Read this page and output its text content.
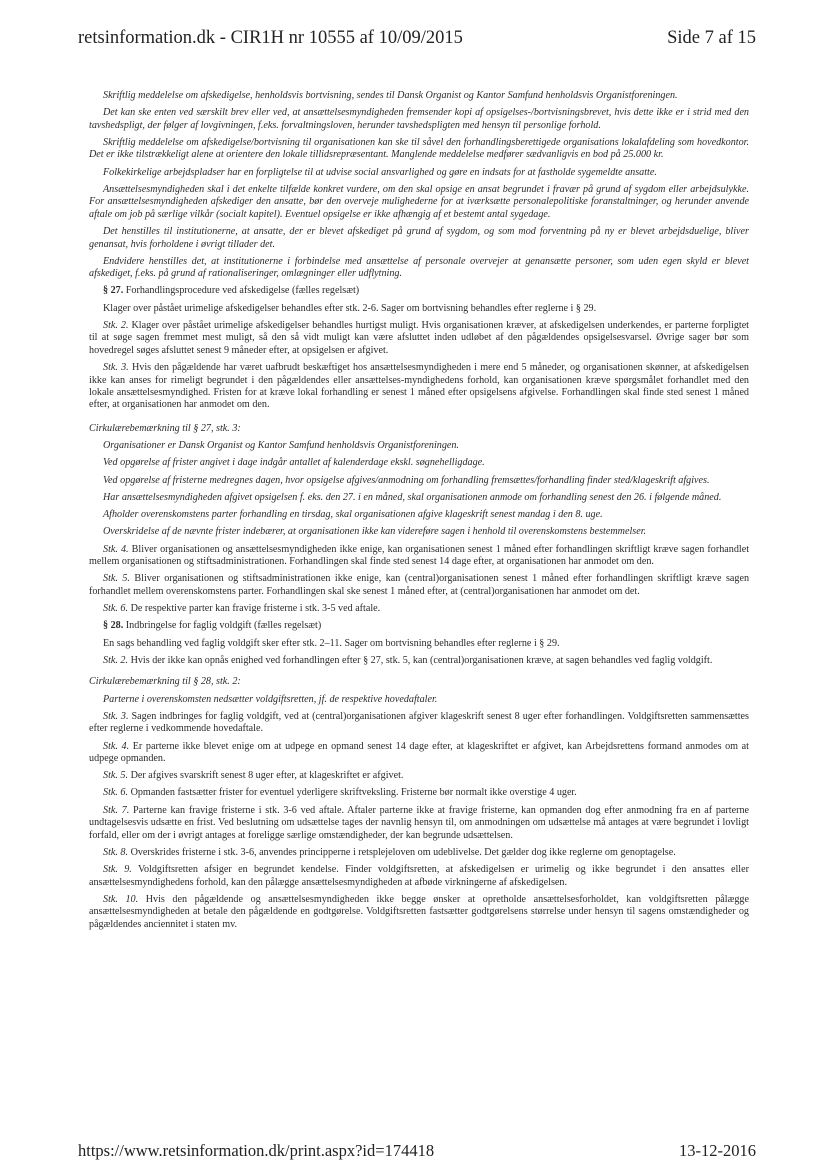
retsinformation.dk - CIR1H nr 10555 af 10/09/2015	Side 7 af 15

Skriftlig meddelelse om afskedigelse, henholdsvis bortvisning, sendes til Dansk Organist og Kantor Samfund henholdsvis Organistforeningen.

Det kan ske enten ved særskilt brev eller ved, at ansættelsesmyndigheden fremsender kopi af opsigelses-/bortvisningsbrevet, hvis dette ikke er i strid med den tavshedspligt, der følger af lovgivningen, f.eks. forvaltningsloven, herunder tavshedspligten med hensyn til personlige forhold.

Skriftlig meddelelse om afskedigelse/bortvisning til organisationen kan ske til såvel den forhandlingsberettigede organisations lokalafdeling som hovedkontor. Det er ikke tilstrækkeligt alene at orientere den lokale tillidsrepræsentant. Manglende meddelelse medfører sædvanligvis en bod på 25.000 kr.

Folkekirkelige arbejdspladser har en forpligtelse til at udvise social ansvarlighed og gøre en indsats for at fastholde sygemeldte ansatte.

Ansættelsesmyndigheden skal i det enkelte tilfælde konkret vurdere, om den skal opsige en ansat begrundet i fravær på grund af sygdom eller arbejdsulykke. For ansættelsesmyndigheden afskediger den ansatte, bør den overveje mulighederne for at iværksætte personalepolitiske foranstaltninger, og herunder anvende aftale om job på særlige vilkår (socialt kapitel). Eventuel opsigelse er ikke afhængig af et bestemt antal sygedage.

Det henstilles til institutionerne, at ansatte, der er blevet afskediget på grund af sygdom, og som mod forventning på ny er blevet arbejdsduelige, bliver genansat, hvis forholdene i øvrigt tillader det.

Endvidere henstilles det, at institutionerne i forbindelse med ansættelse af personale overvejer at genansætte personer, som uden egen skyld er blevet afskediget, f.eks. på grund af rationaliseringer, omlægninger eller udflytning.

§ 27. Forhandlingsprocedure ved afskedigelse (fælles regelsæt)

Klager over påstået urimelige afskedigelser behandles efter stk. 2-6. Sager om bortvisning behandles efter reglerne i § 29.

Stk. 2. Klager over påstået urimelige afskedigelser behandles hurtigst muligt. Hvis organisationen kræver, at afskedigelsen underkendes, er parterne forpligtet til at søge sagen fremmet mest muligt, så den så vidt muligt kan være afsluttet inden udløbet af den pågældendes opsigelsesvarsel. Øvrige sager bør som hovedregel søges afsluttet senest 9 måneder efter, at opsigelsen er afgivet.

Stk. 3. Hvis den pågældende har været uafbrudt beskæftiget hos ansættelsesmyndigheden i mere end 5 måneder, og organisationen skønner, at afskedigelsen ikke kan anses for rimeligt begrundet i den pågældendes eller ansættelses-myndighedens forhold, kan organisationen kræve spørgsmålet forhandlet med den lokale ansættelsesmyndighed. Fristen for at kræve lokal forhandling er senest 1 måned efter opsigelsens afgivelse. Forhandlingen skal finde sted senest 1 måned efter, at organisationen har anmodet om den.

Cirkulærebemærkning til § 27, stk. 3:

Organisationer er Dansk Organist og Kantor Samfund henholdsvis Organistforeningen.

Ved opgørelse af frister angivet i dage indgår antallet af kalenderdage ekskl. søgnehelligdage.

Ved opgørelse af fristerne medregnes dagen, hvor opsigelse afgives/anmodning om forhandling fremsættes/forhandling finder sted/klageskrift afgives.

Har ansættelsesmyndigheden afgivet opsigelsen f. eks. den 27. i en måned, skal organisationen anmode om forhandling senest den 26. i følgende måned.

Afholder overenskomstens parter forhandling en tirsdag, skal organisationen afgive klageskrift senest mandag i den 8. uge.

Overskridelse af de nævnte frister indebærer, at organisationen ikke kan videreføre sagen i henhold til overenskomstens bestemmelser.

Stk. 4. Bliver organisationen og ansættelsesmyndigheden ikke enige, kan organisationen senest 1 måned efter forhandlingen skriftligt kræve sagen forhandlet mellem organisationen og stiftsadministrationen. Forhandlingen skal finde sted senest 14 dage efter, at organisationen har anmodet om den.

Stk. 5. Bliver organisationen og stiftsadministrationen ikke enige, kan (central)organisationen senest 1 måned efter forhandlingen skriftligt kræve sagen forhandlet mellem overenskomstens parter. Forhandlingen skal ske senest 1 måned efter, at (central)organisationen har anmodet om det.

Stk. 6. De respektive parter kan fravige fristerne i stk. 3-5 ved aftale.

§ 28. Indbringelse for faglig voldgift (fælles regelsæt)

En sags behandling ved faglig voldgift sker efter stk. 2–11. Sager om bortvisning behandles efter reglerne i § 29.

Stk. 2. Hvis der ikke kan opnås enighed ved forhandlingen efter § 27, stk. 5, kan (central)organisationen kræve, at sagen behandles ved faglig voldgift.

Cirkulærebemærkning til § 28, stk. 2:

Parterne i overenskomsten nedsætter voldgiftsretten, jf. de respektive hovedaftaler.

Stk. 3. Sagen indbringes for faglig voldgift, ved at (central)organisationen afgiver klageskrift senest 8 uger efter forhandlingen. Voldgiftsretten sammensættes efter reglerne i vedkommende hovedaftale.

Stk. 4. Er parterne ikke blevet enige om at udpege en opmand senest 14 dage efter, at klageskriftet er afgivet, kan Arbejdsrettens formand anmodes om at udpege opmanden.

Stk. 5. Der afgives svarskrift senest 8 uger efter, at klageskriftet er afgivet.

Stk. 6. Opmanden fastsætter frister for eventuel yderligere skriftveksling. Fristerne bør normalt ikke overstige 4 uger.

Stk. 7. Parterne kan fravige fristerne i stk. 3-6 ved aftale. Aftaler parterne ikke at fravige fristerne, kan opmanden dog efter anmodning fra en af parterne undtagelsesvis udsætte en frist. Ved beslutning om udsættelse tages der navnlig hensyn til, om anmodningen om udsættelse må antages at være begrundet i lovligt forfald, eller om der i øvrigt antages at foreligge særlige omstændigheder, der kan begrunde udsættelsen.

Stk. 8. Overskrides fristerne i stk. 3-6, anvendes principperne i retsplejeloven om udeblivelse. Det gælder dog ikke reglerne om genoptagelse.

Stk. 9. Voldgiftsretten afsiger en begrundet kendelse. Finder voldgiftsretten, at afskedigelsen er urimelig og ikke begrundet i den ansattes eller ansættelsesmyndighedens forhold, kan den pålægge ansættelsesmyndigheden at afbøde virkningerne af afskedigelsen.

Stk. 10. Hvis den pågældende og ansættelsesmyndigheden ikke begge ønsker at opretholde ansættelsesforholdet, kan voldgiftsretten pålægge ansættelsesmyndigheden at betale den pågældende en godtgørelse. Voldgiftsretten fastsætter godtgørelsens størrelse under hensyn til sagens omstændigheder og pågældendes anciennitet i staten mv.

https://www.retsinformation.dk/print.aspx?id=174418	13-12-2016
